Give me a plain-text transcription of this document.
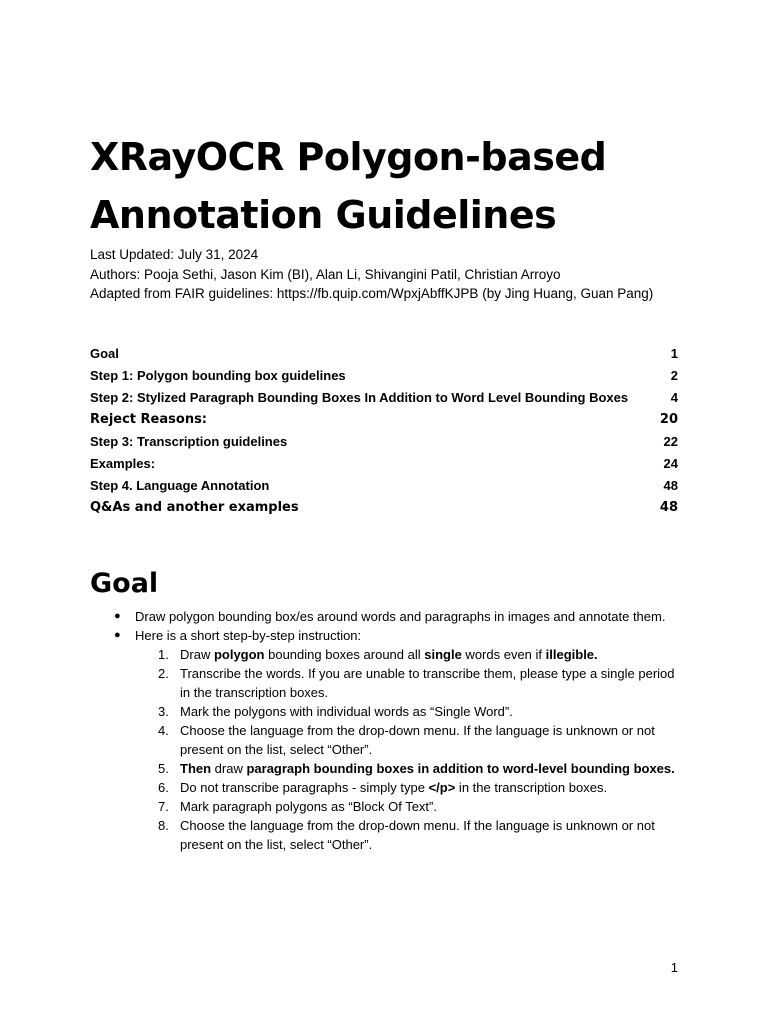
XRayOCR Polygon-based Annotation Guidelines
Last Updated: July 31, 2024
Authors: Pooja Sethi, Jason Kim (BI), Alan Li, Shivangini Patil, Christian Arroyo
Adapted from FAIR guidelines: https://fb.quip.com/WpxjAbffKJPB (by Jing Huang, Guan Pang)
Goal	1
Step 1: Polygon bounding box guidelines	2
Step 2: Stylized Paragraph Bounding Boxes In Addition to Word Level Bounding Boxes	4
Reject Reasons:	20
Step 3: Transcription guidelines	22
Examples:	24
Step 4. Language Annotation	48
Q&As and another examples	48
Goal
● Draw polygon bounding box/es around words and paragraphs in images and annotate them.
● Here is a short step-by-step instruction:
1. Draw polygon bounding boxes around all single words even if illegible.
2. Transcribe the words. If you are unable to transcribe them, please type a single period in the transcription boxes.
3. Mark the polygons with individual words as “Single Word”.
4. Choose the language from the drop-down menu. If the language is unknown or not present on the list, select “Other”.
5. Then draw paragraph bounding boxes in addition to word-level bounding boxes.
6. Do not transcribe paragraphs - simply type </p> in the transcription boxes.
7. Mark paragraph polygons as “Block Of Text”.
8. Choose the language from the drop-down menu. If the language is unknown or not present on the list, select “Other”.
1
